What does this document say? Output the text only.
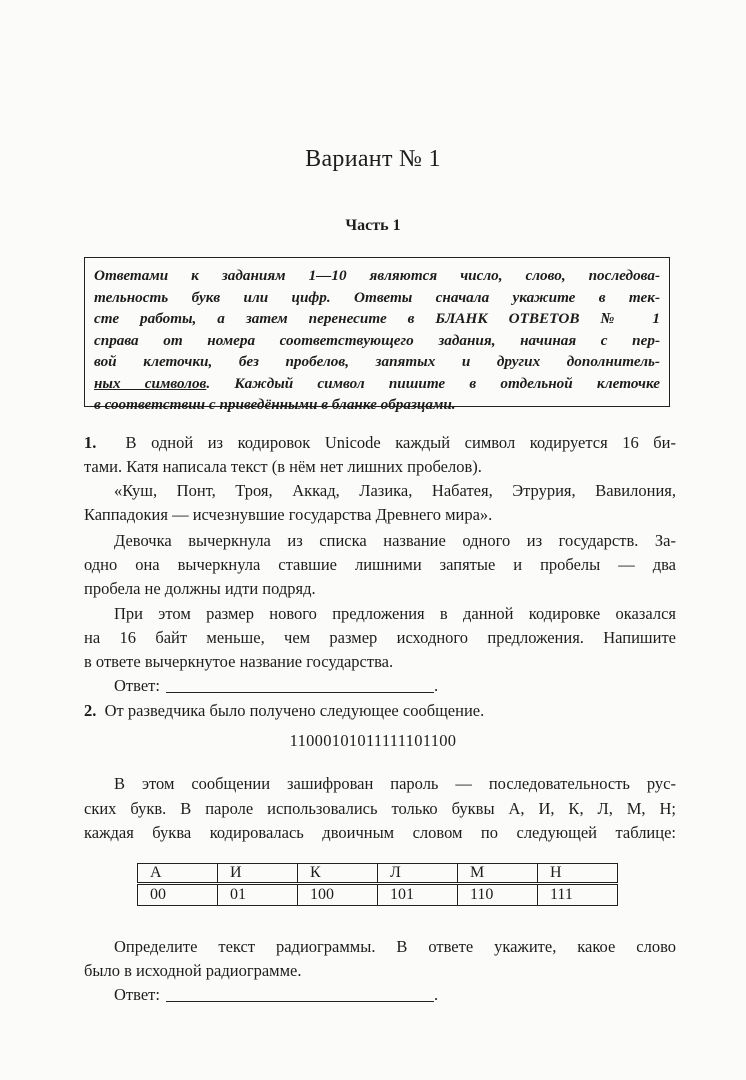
Вариант № 1
Часть 1
Ответами к заданиям 1—10 являются число, слово, последова-
тельность букв или цифр. Ответы сначала укажите в тек-
сте работы, а затем перенесите в БЛАНК ОТВЕТОВ № 1
справа от номера соответствующего задания, начиная с пер-
вой клеточки, без пробелов, запятых и других дополнитель-
ных символов. Каждый символ пишите в отдельной клеточке
в соответствии с приведёнными в бланке образцами.
1. В одной из кодировок Unicode каждый символ кодируется 16 би-
тами. Катя написала текст (в нём нет лишних пробелов).
«Куш, Понт, Троя, Аккад, Лазика, Набатея, Этрурия, Вавилония,
Каппадокия — исчезнувшие государства Древнего мира».
Девочка вычеркнула из списка название одного из государств. За-
одно она вычеркнула ставшие лишними запятые и пробелы — два
пробела не должны идти подряд.
При этом размер нового предложения в данной кодировке оказался
на 16 байт меньше, чем размер исходного предложения. Напишите
в ответе вычеркнутое название государства.
Ответ:	.
2. От разведчика было получено следующее сообщение.
11000101011111101100
В этом сообщении зашифрован пароль — последовательность рус-
ских букв. В пароле использовались только буквы А, И, К, Л, М, Н;
каждая буква кодировалась двоичным словом по следующей таблице:
А	И	К	Л	М	Н
00	01	100	101	110	111
Определите текст радиограммы. В ответе укажите, какое слово
было в исходной радиограмме.
Ответ:	.
